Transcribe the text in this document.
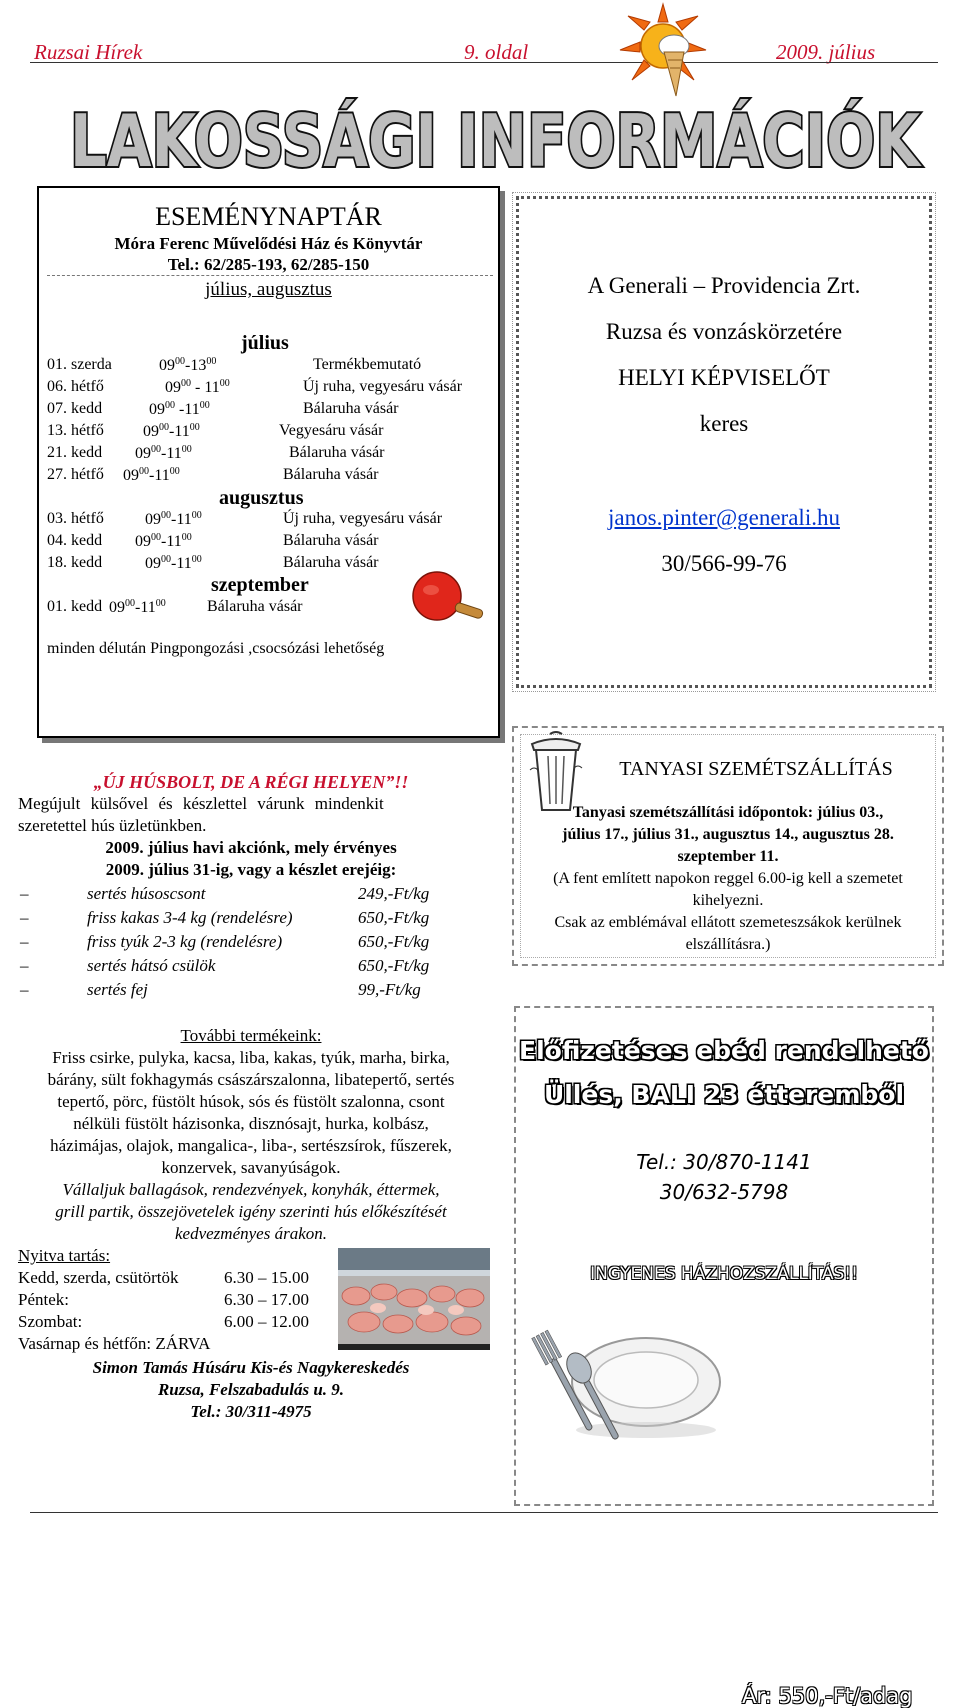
Ruzsai Hírek	9. oldal	2009. július
LAKOSSÁGI INFORMÁCIÓK
ESEMÉNYNAPTÁR
Móra Ferenc Művelődési Ház és Könyvtár
Tel.: 62/285-193, 62/285-150
július, augusztus
július
01. szerda	$09^{00}-13^{00}$	Termékbemutató
06. hétfő	$09^{00} - 11^{00}$	Új ruha, vegyesáru vásár
07. kedd	$09^{00}$ $-11^{00}$	Bálaruha vásár
13. hétfő $09^{00}-11^{00}$	Vegyesáru vásár
21. kedd $09^{00}-11^{00}$	Bálaruha vásár
27. hétfő $09^{00}-11^{00}$	Bálaruha vásár
augusztus
03. hétfő	$09^{00}-11^{00}$	Új ruha, vegyesáru vásár
04. kedd $09^{00}-11^{00}$	Bálaruha vásár
18. kedd	$09^{00}-11^{00}$	Bálaruha vásár
szeptember
01. kedd $09^{00}-11^{00}$	Bálaruha vásár
minden délután Pingpongozási ,csocsózási lehetőség
A Generali – Providencia Zrt.
Ruzsa és vonzáskörzetére
HELYI KÉPVISELŐT
keres
janos.pinter@generali.hu
30/566-99-76
„ÚJ HÚSBOLT, DE A RÉGI HELYEN”!!
Megújult külsővel és készlettel várunk mindenkit
szeretettel hús üzletünkben.
2009. július havi akciónk, mely érvényes
2009. július 31-ig, vagy a készlet erejéig:
–	sertés húsoscsont	249,-Ft/kg
–	friss kakas 3-4 kg (rendelésre)	650,-Ft/kg
–	friss tyúk 2-3 kg (rendelésre)	650,-Ft/kg
–	sertés hátsó csülök	650,-Ft/kg
–	sertés fej	99,-Ft/kg
További termékeink:
Friss csirke, pulyka, kacsa, liba, kakas, tyúk, marha, birka,
bárány, sült fokhagymás császárszalonna, libatepertő, sertés
tepertő, pörc, füstölt húsok, sós és füstölt szalonna, csont
nélküli füstölt házisonka, disznósajt, hurka, kolbász,
házimájas, olajok, mangalica-, liba-, sertészsírok, fűszerek,
konzervek, savanyúságok.
Vállaljuk ballagások, rendezvények, konyhák, éttermek,
grill partik, összejövetelek igény szerinti hús előkészítését
kedvezményes árakon.
Nyitva tartás:
Kedd, szerda, csütörtök	6.30 – 15.00
Péntek:	6.30 – 17.00
Szombat:	6.00 – 12.00
Vasárnap és hétfőn: ZÁRVA
Simon Tamás Húsáru Kis-és Nagykereskedés
Ruzsa, Felszabadulás u. 9.
Tel.: 30/311-4975
TANYASI SZEMÉTSZÁLLÍTÁS
Tanyasi szemétszállítási időpontok: július 03.,
július 17., július 31., augusztus 14., augusztus 28.
szeptember 11.
(A fent említett napokon reggel 6.00-ig kell a szemetet
kihelyezni.
Csak az emblémával ellátott szemeteszsákok kerülnek
elszállításra.)
Előfizetéses ebéd rendelhető
Üllés, BALI 23 étteremből
Tel.: 30/870-1141
30/632-5798
INGYENES HÁZHOZSZÁLLÍTÁS!!
Ár: 550,-Ft/adag
